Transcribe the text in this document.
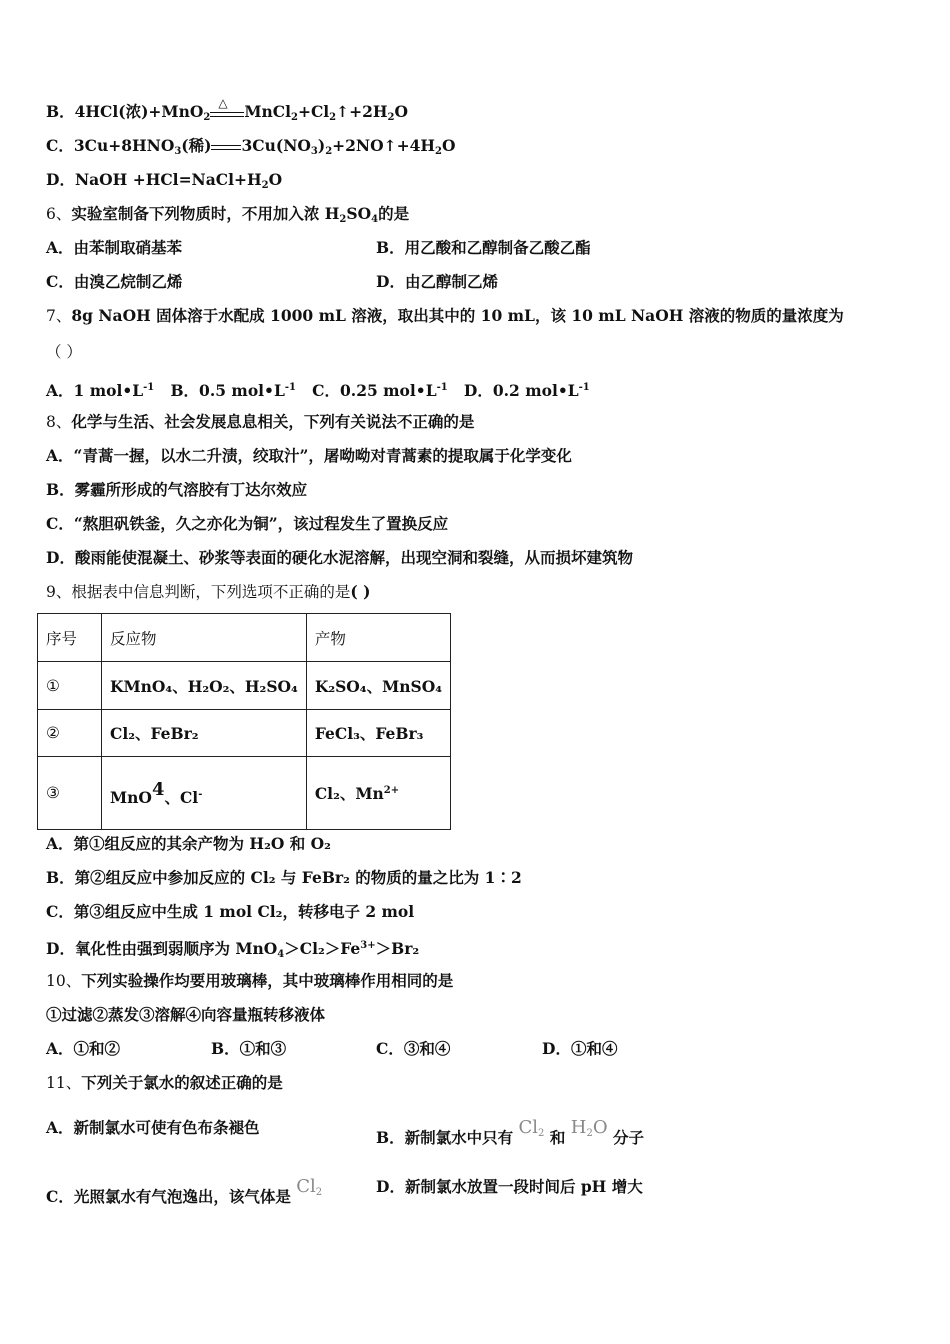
B．4HCl(浓)+MnO$_2$
△ $MnCl_2+Cl_2↑+2H_2O$
C．$3Cu+8HNO_3$(稀) $3Cu(NO_3)_2+2NO↑+4H_2O$
D．NaOH $+HCl=NaCl+H_2O$
6、实验室制备下列物质时，不用加入浓 $H_2SO_4$的是
A．由苯制取硝基苯	B．用乙酸和乙醇制备乙酸乙酯
C．由溴乙烷制乙烯	D．由乙醇制乙烯
7、8g NaOH 固体溶于水配成 1000 mL 溶液，取出其中的 10 mL，该 10 mL NaOH 溶液的物质的量浓度为
（ ）
A．1 $mol•L^{-1}$ B．0.5 $mol•L^{-1}$ C．0.25 $mol•L^{-1}$ D．0.2 $mol•L^{-1}$
8、化学与生活、社会发展息息相关，下列有关说法不正确的是
A．“青蒿一握，以水二升渍，绞取汁”，屠呦呦对青蒿素的提取属于化学变化
B．雾霾所形成的气溶胶有丁达尔效应
C．“熬胆矾铁釜，久之亦化为铜”，该过程发生了置换反应
D．酸雨能使混凝土、砂浆等表面的硬化水泥溶解，出现空洞和裂缝，从而损坏建筑物
9、根据表中信息判断，下列选项不正确的是( )
序号	反应物	产物
①	KMnO₄、H₂O₂、H₂SO₄	K₂SO₄、MnSO₄
②	Cl₂、FeBr₂	FeCl₃、FeBr₃
③	MnO4、Cl-	Cl₂、$Mn^{2+}$
A．第①组反应的其余产物为 H₂O 和 O₂
B．第②组反应中参加反应的 Cl₂ 与 FeBr₂ 的物质的量之比为 1∶2
C．第③组反应中生成 1 mol Cl₂，转移电子 2 mol
D．氧化性由强到弱顺序为 $MnO_4>Cl_2>Fe^{3+}>Br_2$
10、下列实验操作均要用玻璃棒，其中玻璃棒作用相同的是
①过滤②蒸发③溶解④向容量瓶转移液体
A．①和②	B．①和③	C．③和④	D．①和④
11、下列关于氯水的叙述正确的是
A．新制氯水可使有色布条褪色
B．新制氯水中只有 $Cl_2$ 和 $H_2O$ 分子
C．光照氯水有气泡逸出，该气体是 $Cl_2$	D．新制氯水放置一段时间后 pH 增大
